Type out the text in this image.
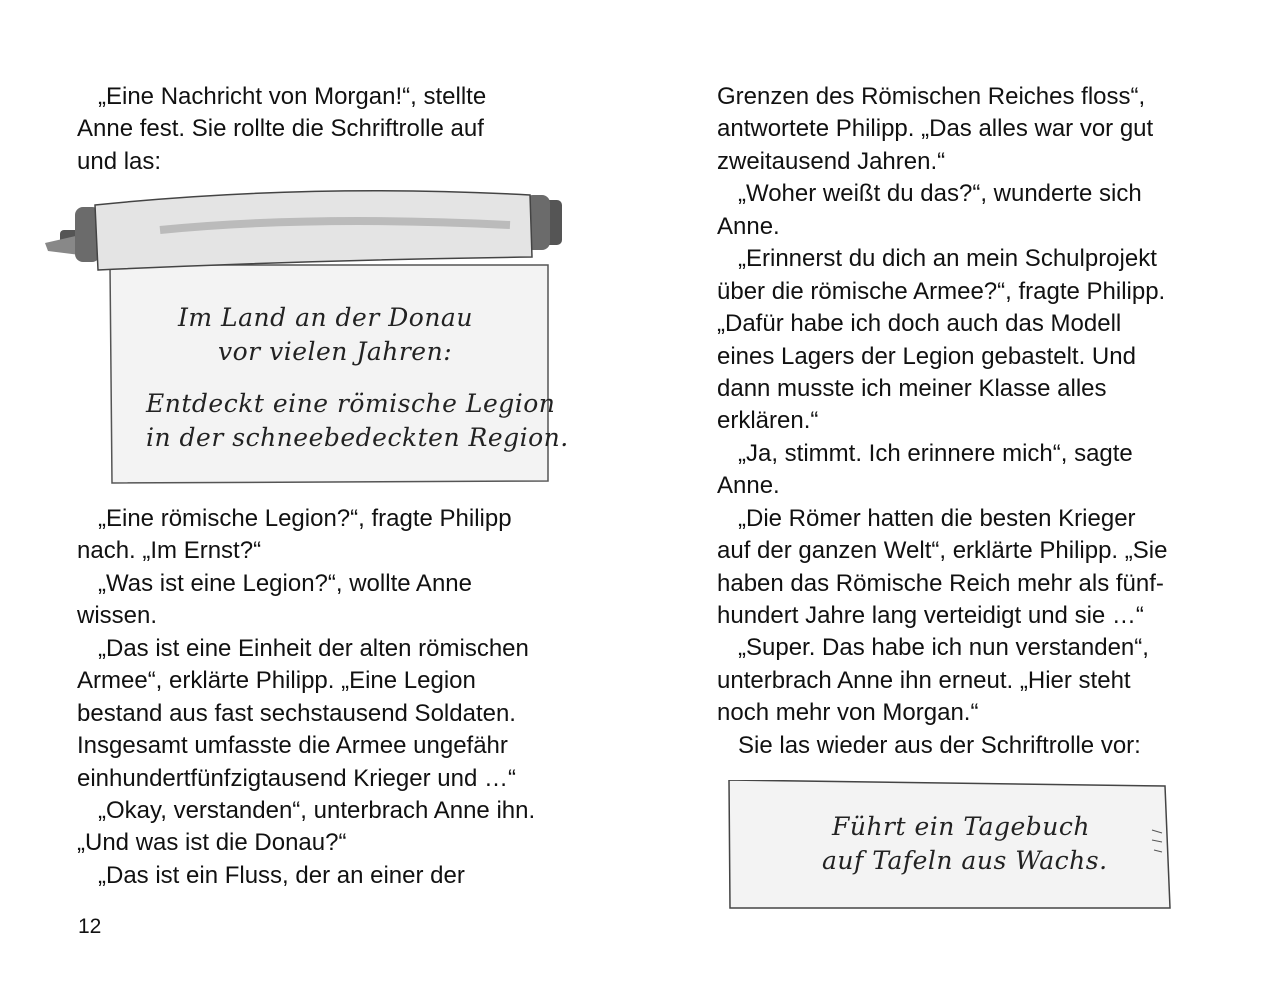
„Eine Nachricht von Morgan!“, stellte
Anne fest. Sie rollte die Schriftrolle auf
und las:
Im Land an der Donau
vor vielen Jahren:
Entdeckt eine römische Legion
in der schneebedeckten Region.
„Eine römische Legion?“, fragte Philipp
nach. „Im Ernst?“
„Was ist eine Legion?“, wollte Anne
wissen.
„Das ist eine Einheit der alten römischen
Armee“, erklärte Philipp. „Eine Legion
bestand aus fast sechstausend Soldaten.
Insgesamt umfasste die Armee ungefähr
einhundertfünfzigtausend Krieger und …“
„Okay, verstanden“, unterbrach Anne ihn.
„Und was ist die Donau?“
„Das ist ein Fluss, der an einer der
12
Grenzen des Römischen Reiches floss“,
antwortete Philipp. „Das alles war vor gut
zweitausend Jahren.“
„Woher weißt du das?“, wunderte sich
Anne.
„Erinnerst du dich an mein Schulprojekt
über die römische Armee?“, fragte Philipp.
„Dafür habe ich doch auch das Modell
eines Lagers der Legion gebastelt. Und
dann musste ich meiner Klasse alles
erklären.“
„Ja, stimmt. Ich erinnere mich“, sagte
Anne.
„Die Römer hatten die besten Krieger
auf der ganzen Welt“, erklärte Philipp. „Sie
haben das Römische Reich mehr als fünf-
hundert Jahre lang verteidigt und sie …“
„Super. Das habe ich nun verstanden“,
unterbrach Anne ihn erneut. „Hier steht
noch mehr von Morgan.“
Sie las wieder aus der Schriftrolle vor:
Führt ein Tagebuch
auf Tafeln aus Wachs.
